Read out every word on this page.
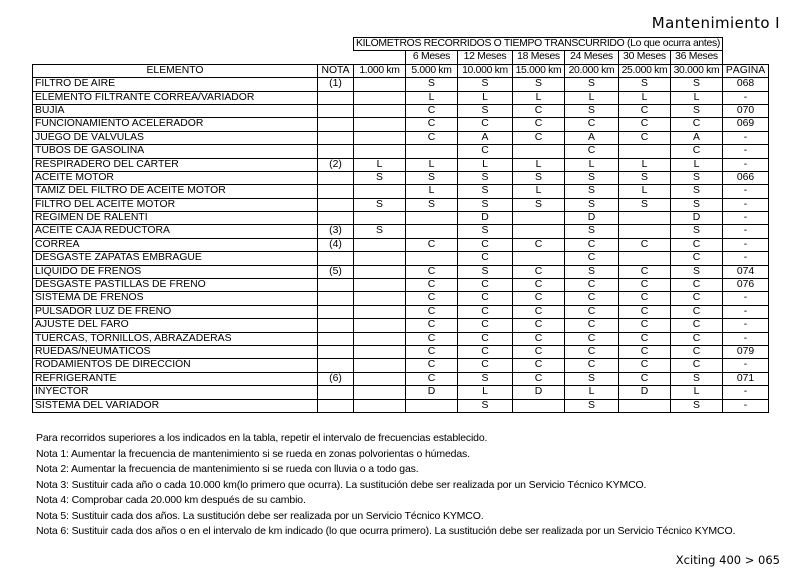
Mantenimiento I
		KILÓMETROS RECORRIDOS O TIEMPO TRANSCURRIDO (Lo que ocurra antes)							
			6 Meses	12 Meses	18 Meses	24 Meses	30 Meses	36 Meses	
ELEMENTO	NOTA	1.000 km	5.000 km	10.000 km	15.000 km	20.000 km	25.000 km	30.000 km	PÁGINA
FILTRO DE AIRE	(1)		S	S	S	S	S	S	068
ELEMENTO FILTRANTE CORREA/VARIADOR			L	L	L	L	L	L	-
BUJÍA			C	S	C	S	C	S	070
FUNCIONAMIENTO ACELERADOR			C	C	C	C	C	C	069
JUEGO DE VÁLVULAS			C	A	C	A	C	A	-
TUBOS DE GASOLINA				C		C		C	-
RESPIRADERO DEL CÁRTER	(2)	L	L	L	L	L	L	L	-
ACEITE MOTOR		S	S	S	S	S	S	S	066
TAMIZ DEL FILTRO DE ACEITE MOTOR			L	S	L	S	L	S	-
FILTRO DEL ACEITE MOTOR		S	S	S	S	S	S	S	-
RÉGIMEN DE RALENTÍ				D		D		D	-
ACEITE CAJA REDUCTORA	(3)	S		S		S		S	-
CORREA	(4)		C	C	C	C	C	C	-
DESGASTE ZAPATAS EMBRAGUE				C		C		C	-
LÍQUIDO DE FRENOS	(5)		C	S	C	S	C	S	074
DESGASTE PASTILLAS DE FRENO			C	C	C	C	C	C	076
SISTEMA DE FRENOS			C	C	C	C	C	C	-
PULSADOR LUZ DE FRENO			C	C	C	C	C	C	-
AJUSTE DEL FARO			C	C	C	C	C	C	-
TUERCAS, TORNILLOS, ABRAZADERAS			C	C	C	C	C	C	-
RUEDAS/NEUMÁTICOS			C	C	C	C	C	C	079
RODAMIENTOS DE DIRECCIÓN			C	C	C	C	C	C	-
REFRIGERANTE	(6)		C	S	C	S	C	S	071
INYECTOR			D	L	D	L	D	L	-
SISTEMA DEL VARIADOR				S		S		S	-
Para recorridos superiores a los indicados en la tabla, repetir el intervalo de frecuencias establecido.
Nota 1: Aumentar la frecuencia de mantenimiento si se rueda en zonas polvorientas o húmedas.
Nota 2: Aumentar la frecuencia de mantenimiento si se rueda con lluvia o a todo gas.
Nota 3: Sustituir cada año o cada 10.000 km(lo primero que ocurra). La sustitución debe ser realizada por un Servicio Técnico KYMCO.
Nota 4: Comprobar cada 20.000 km después de su cambio.
Nota 5: Sustituir cada dos años. La sustitución debe ser realizada por un Servicio Técnico KYMCO.
Nota 6: Sustituir cada dos años o en el intervalo de km indicado (lo que ocurra primero). La sustitución debe ser realizada por un Servicio Técnico KYMCO.
Xciting 400 > 065
